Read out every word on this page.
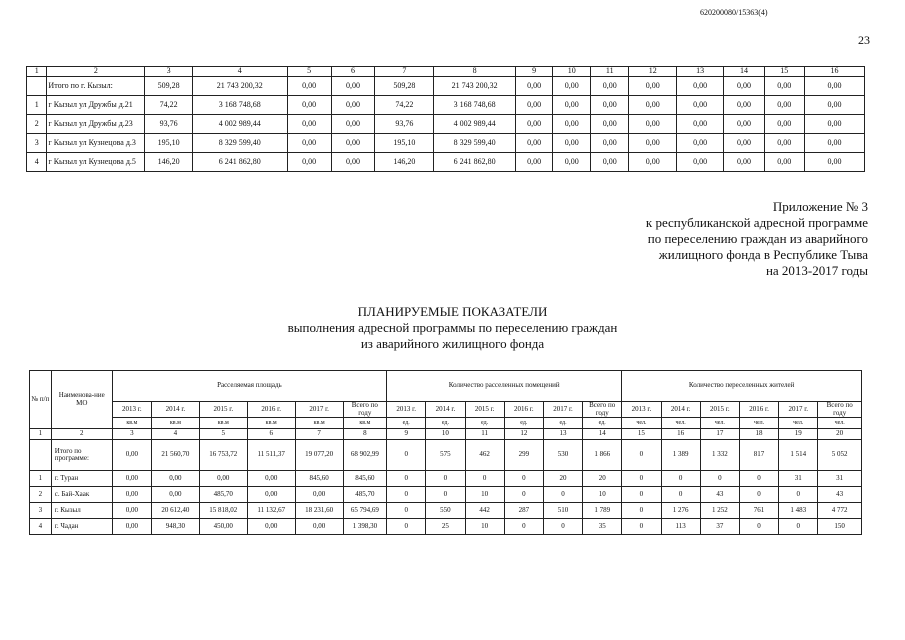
620200080/15363(4)
23
1	2	3	4	5	6	7	8	9	10	11	12	13	14	15	16
	Итого по г. Кызыл:	509,28	21 743 200,32	0,00	0,00	509,28	21 743 200,32	0,00	0,00	0,00	0,00	0,00	0,00	0,00	0,00
1	г Кызыл ул Дружбы д.21	74,22	3 168 748,68	0,00	0,00	74,22	3 168 748,68	0,00	0,00	0,00	0,00	0,00	0,00	0,00	0,00
2	г Кызыл ул Дружбы д.23	93,76	4 002 989,44	0,00	0,00	93,76	4 002 989,44	0,00	0,00	0,00	0,00	0,00	0,00	0,00	0,00
3	г Кызыл ул Кузнецова д.3	195,10	8 329 599,40	0,00	0,00	195,10	8 329 599,40	0,00	0,00	0,00	0,00	0,00	0,00	0,00	0,00
4	г Кызыл ул Кузнецова д.5	146,20	6 241 862,80	0,00	0,00	146,20	6 241 862,80	0,00	0,00	0,00	0,00	0,00	0,00	0,00	0,00
Приложение № 3
к республиканской адресной программе
по переселению граждан из аварийного
жилищного фонда в Республике Тыва
на 2013-2017 годы
ПЛАНИРУЕМЫЕ ПОКАЗАТЕЛИ
выполнения адресной программы по переселению граждан
из аварийного жилищного фонда
№ п/п	Наименова-ние МО	Расселяемая площадь						Количество расселенных помещений						Количество переселенных жителей					
		2013 г.	2014 г.	2015 г.	2016 г.	2017 г.	Всего по году	2013 г.	2014 г.	2015 г.	2016 г.	2017 г.	Всего по году	2013 г.	2014 г.	2015 г.	2016 г.	2017 г.	Всего по году
		кв.м	кв.м	кв.м	кв.м	кв.м	кв.м	ед.	ед.	ед.	ед.	ед.	ед.	чел.	чел.	чел.	чел.	чел.	чел.
1	2	3	4	5	6	7	8	9	10	11	12	13	14	15	16	17	18	19	20
	Итого по программе:	0,00	21 560,70	16 753,72	11 511,37	19 077,20	68 902,99	0	575	462	299	530	1 866	0	1 389	1 332	817	1 514	5 052
1	г. Туран	0,00	0,00	0,00	0,00	845,60	845,60	0	0	0	0	20	20	0	0	0	0	31	31
2	с. Бай-Хаак	0,00	0,00	485,70	0,00	0,00	485,70	0	0	10	0	0	10	0	0	43	0	0	43
3	г. Кызыл	0,00	20 612,40	15 818,02	11 132,67	18 231,60	65 794,69	0	550	442	287	510	1 789	0	1 276	1 252	761	1 483	4 772
4	г. Чадан	0,00	948,30	450,00	0,00	0,00	1 398,30	0	25	10	0	0	35	0	113	37	0	0	150
